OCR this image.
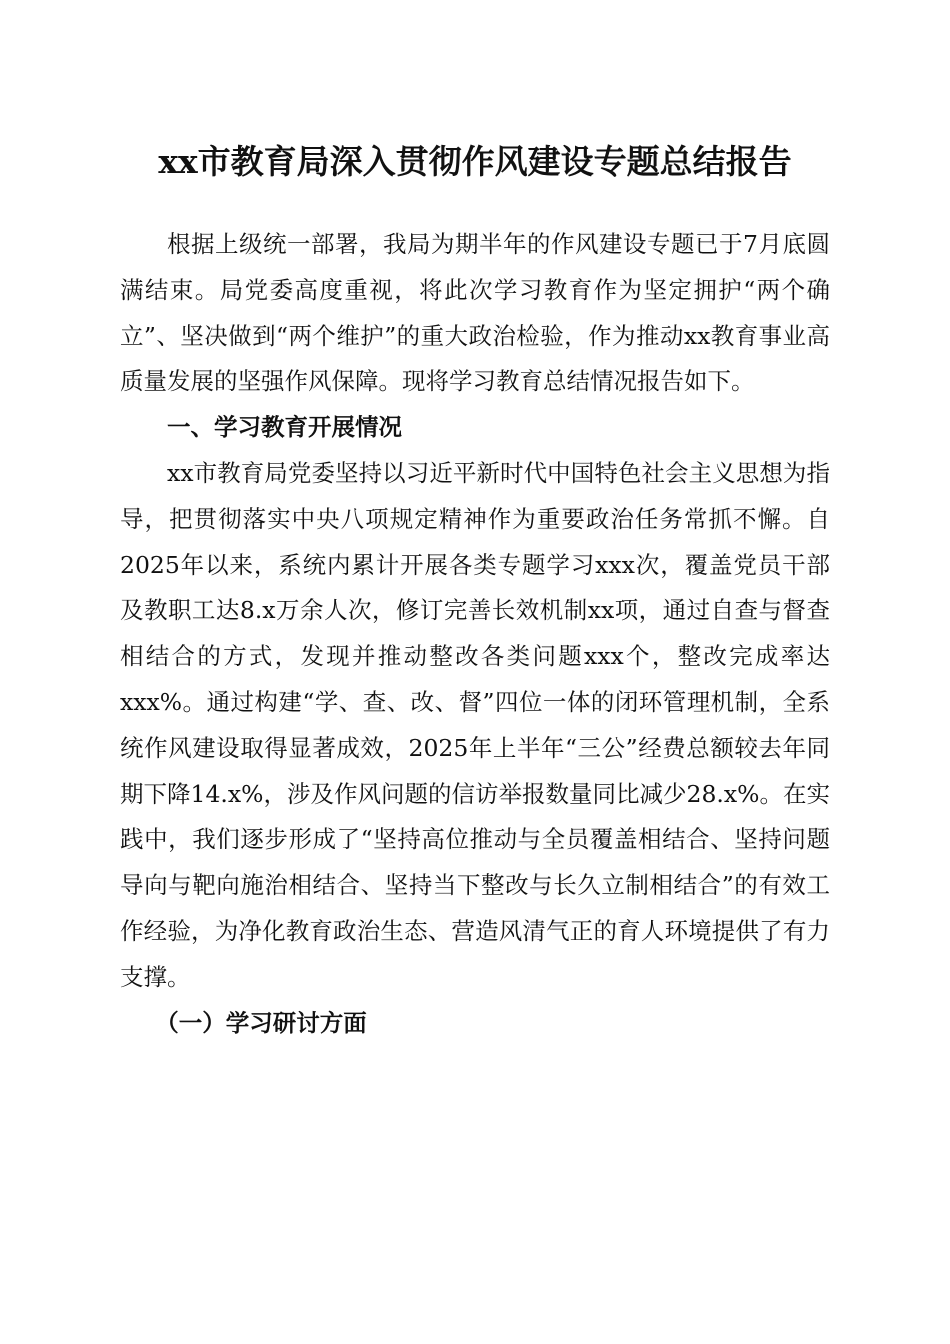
xx市教育局深入贯彻作风建设专题总结报告

根据上级统一部署，我局为期半年的作风建设专题已于7月底圆满结束。局党委高度重视，将此次学习教育作为坚定拥护“两个确立”、坚决做到“两个维护”的重大政治检验，作为推动xx教育事业高质量发展的坚强作风保障。现将学习教育总结情况报告如下。

一、学习教育开展情况

xx市教育局党委坚持以习近平新时代中国特色社会主义思想为指导，把贯彻落实中央八项规定精神作为重要政治任务常抓不懈。自2025年以来，系统内累计开展各类专题学习xxx次，覆盖党员干部及教职工达8.x万余人次，修订完善长效机制xx项，通过自查与督查相结合的方式，发现并推动整改各类问题xxx个，整改完成率达xxx%。通过构建“学、查、改、督”四位一体的闭环管理机制，全系统作风建设取得显著成效，2025年上半年“三公”经费总额较去年同期下降14.x%，涉及作风问题的信访举报数量同比减少28.x%。在实践中，我们逐步形成了“坚持高位推动与全员覆盖相结合、坚持问题导向与靶向施治相结合、坚持当下整改与长久立制相结合”的有效工作经验，为净化教育政治生态、营造风清气正的育人环境提供了有力支撑。

（一）学习研讨方面
